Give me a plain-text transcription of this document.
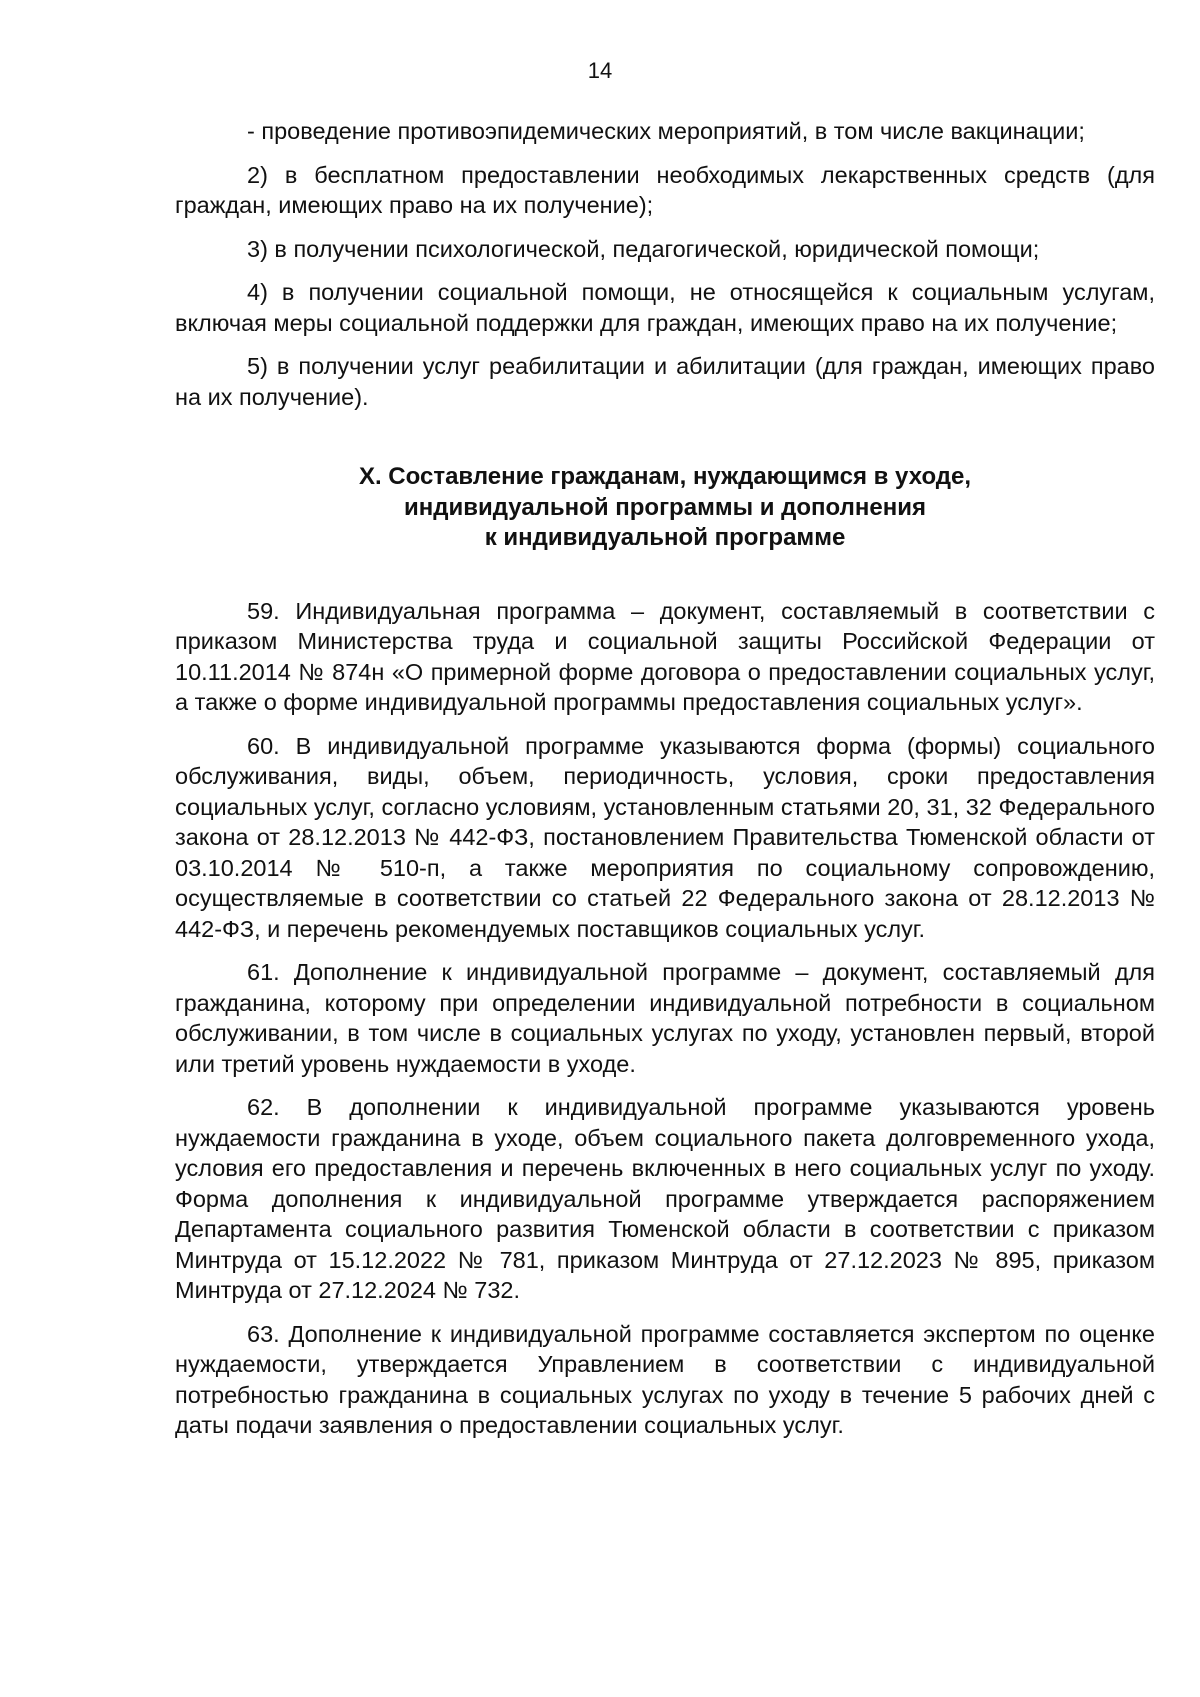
14

- проведение противоэпидемических мероприятий, в том числе вакцинации;

2) в бесплатном предоставлении необходимых лекарственных средств (для граждан, имеющих право на их получение);

3) в получении психологической, педагогической, юридической помощи;

4) в получении социальной помощи, не относящейся к социальным услугам, включая меры социальной поддержки для граждан, имеющих право на их получение;

5) в получении услуг реабилитации и абилитации (для граждан, имеющих право на их получение).

X. Составление гражданам, нуждающимся в уходе,
индивидуальной программы и дополнения
к индивидуальной программе

59. Индивидуальная программа – документ, составляемый в соответствии с приказом Министерства труда и социальной защиты Российской Федерации от 10.11.2014 № 874н «О примерной форме договора о предоставлении социальных услуг, а также о форме индивидуальной программы предоставления социальных услуг».

60. В индивидуальной программе указываются форма (формы) социального обслуживания, виды, объем, периодичность, условия, сроки предоставления социальных услуг, согласно условиям, установленным статьями 20, 31, 32 Федерального закона от 28.12.2013 № 442-ФЗ, постановлением Правительства Тюменской области от 03.10.2014 № 510-п, а также мероприятия по социальному сопровождению, осуществляемые в соответствии со статьей 22 Федерального закона от 28.12.2013 № 442-ФЗ, и перечень рекомендуемых поставщиков социальных услуг.

61. Дополнение к индивидуальной программе – документ, составляемый для гражданина, которому при определении индивидуальной потребности в социальном обслуживании, в том числе в социальных услугах по уходу, установлен первый, второй или третий уровень нуждаемости в уходе.

62. В дополнении к индивидуальной программе указываются уровень нуждаемости гражданина в уходе, объем социального пакета долговременного ухода, условия его предоставления и перечень включенных в него социальных услуг по уходу. Форма дополнения к индивидуальной программе утверждается распоряжением Департамента социального развития Тюменской области в соответствии с приказом Минтруда от 15.12.2022 № 781, приказом Минтруда от 27.12.2023 № 895, приказом Минтруда от 27.12.2024 № 732.

63. Дополнение к индивидуальной программе составляется экспертом по оценке нуждаемости, утверждается Управлением в соответствии с индивидуальной потребностью гражданина в социальных услугах по уходу в течение 5 рабочих дней с даты подачи заявления о предоставлении социальных услуг.
